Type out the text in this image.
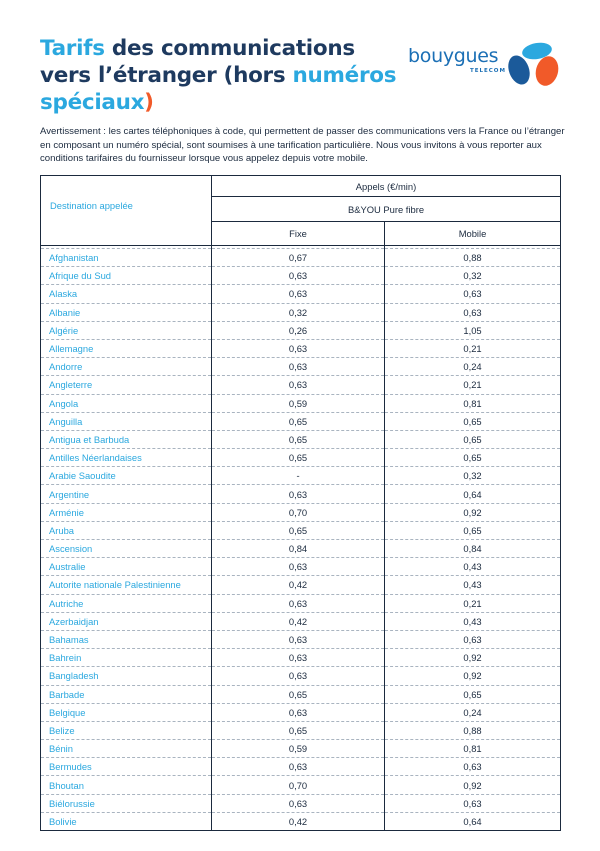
Tarifs des communications vers l’étranger (hors numéros spéciaux)
bouygues
TELECOM

Avertissement : les cartes téléphoniques à code, qui permettent de passer des communications vers la France ou l’étranger en composant un numéro spécial, sont soumises à une tarification particulière. Nous vous invitons à vous reporter aux conditions tarifaires du fournisseur lorsque vous appelez depuis votre mobile.

Destination appelée	Appels (€/min)	
	B&YOU Pure fibre	
	Fixe	Mobile

Afghanistan	0,67	0,88
Afrique du Sud	0,63	0,32
Alaska	0,63	0,63
Albanie	0,32	0,63
Algérie	0,26	1,05
Allemagne	0,63	0,21
Andorre	0,63	0,24
Angleterre	0,63	0,21
Angola	0,59	0,81
Anguilla	0,65	0,65
Antigua et Barbuda	0,65	0,65
Antilles Néerlandaises	0,65	0,65
Arabie Saoudite	-	0,32
Argentine	0,63	0,64
Arménie	0,70	0,92
Aruba	0,65	0,65
Ascension	0,84	0,84
Australie	0,63	0,43
Autorite nationale Palestinienne	0,42	0,43
Autriche	0,63	0,21
Azerbaidjan	0,42	0,43
Bahamas	0,63	0,63
Bahrein	0,63	0,92
Bangladesh	0,63	0,92
Barbade	0,65	0,65
Belgique	0,63	0,24
Belize	0,65	0,88
Bénin	0,59	0,81
Bermudes	0,63	0,63
Bhoutan	0,70	0,92
Biélorussie	0,63	0,63
Bolivie	0,42	0,64
